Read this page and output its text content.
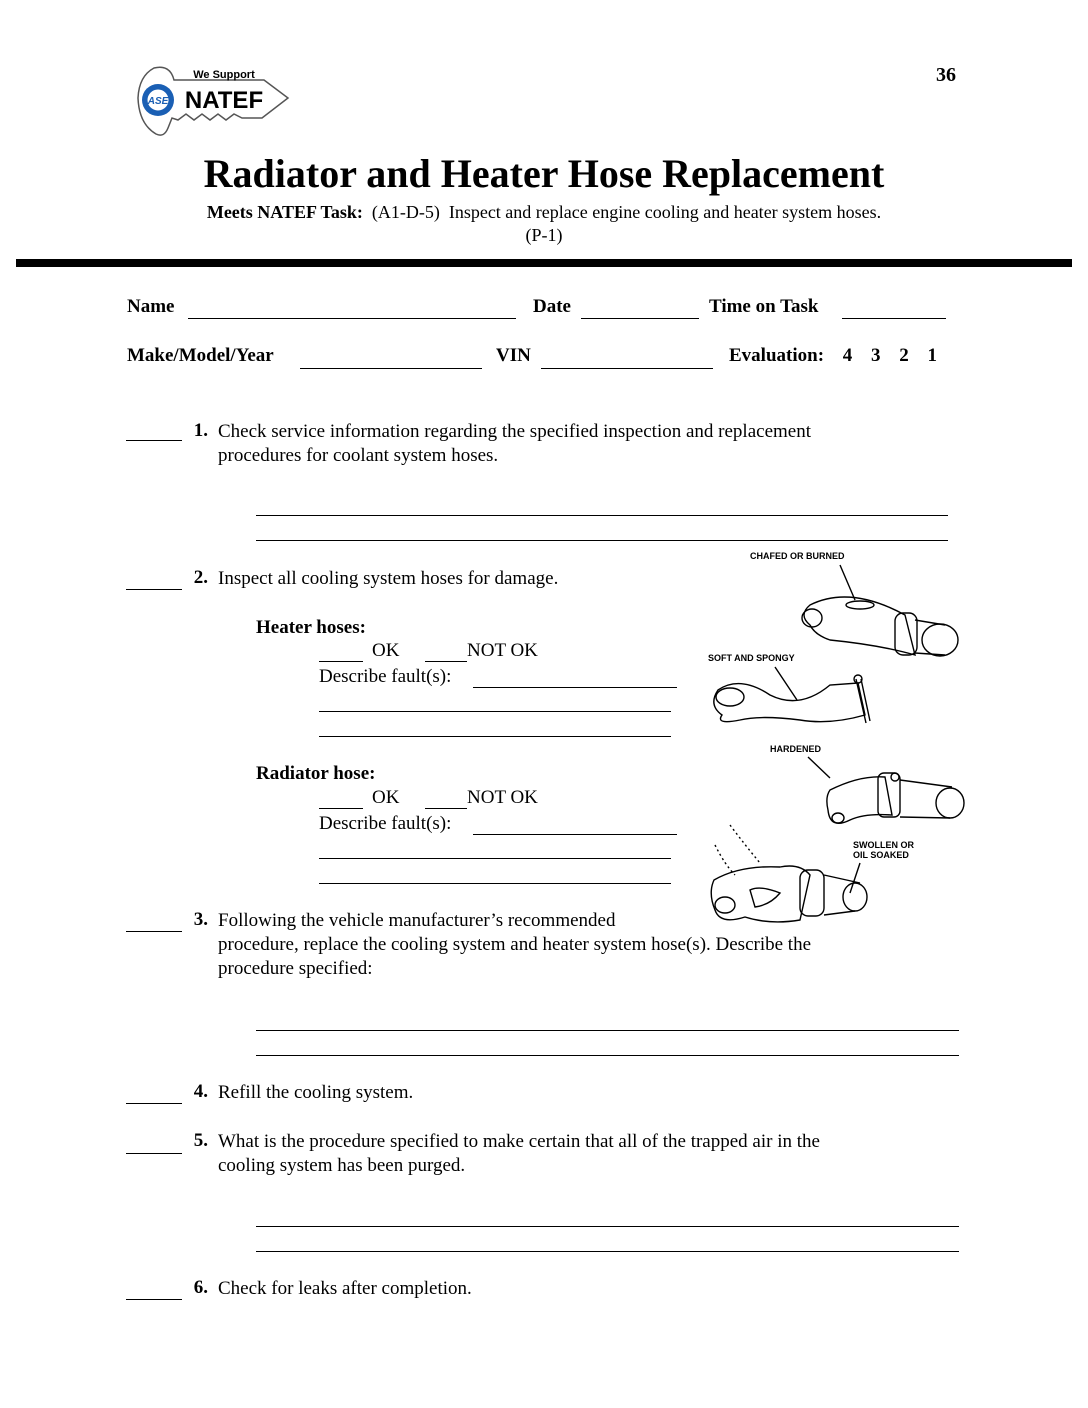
36
ASE
We Support
NATEF
Radiator and Heater Hose Replacement
Meets NATEF Task: (A1-D-5) Inspect and replace engine cooling and heater system hoses.
(P-1)
Name	Date	Time on Task
Make/Model/Year	VIN	Evaluation: 4 3 2 1
1. Check service information regarding the specified inspection and replacement
procedures for coolant system hoses.
2. Inspect all cooling system hoses for damage.
Heater hoses:
OK	NOT OK
Describe fault(s):
Radiator hose:
OK	NOT OK
Describe fault(s):
CHAFED OR BURNED
SOFT AND SPONGY
HARDENED
SWOLLEN OR
OIL SOAKED
3. Following the vehicle manufacturer’s recommended
procedure, replace the cooling system and heater system hose(s). Describe the
procedure specified:
4. Refill the cooling system.
5. What is the procedure specified to make certain that all of the trapped air in the
cooling system has been purged.
6. Check for leaks after completion.
